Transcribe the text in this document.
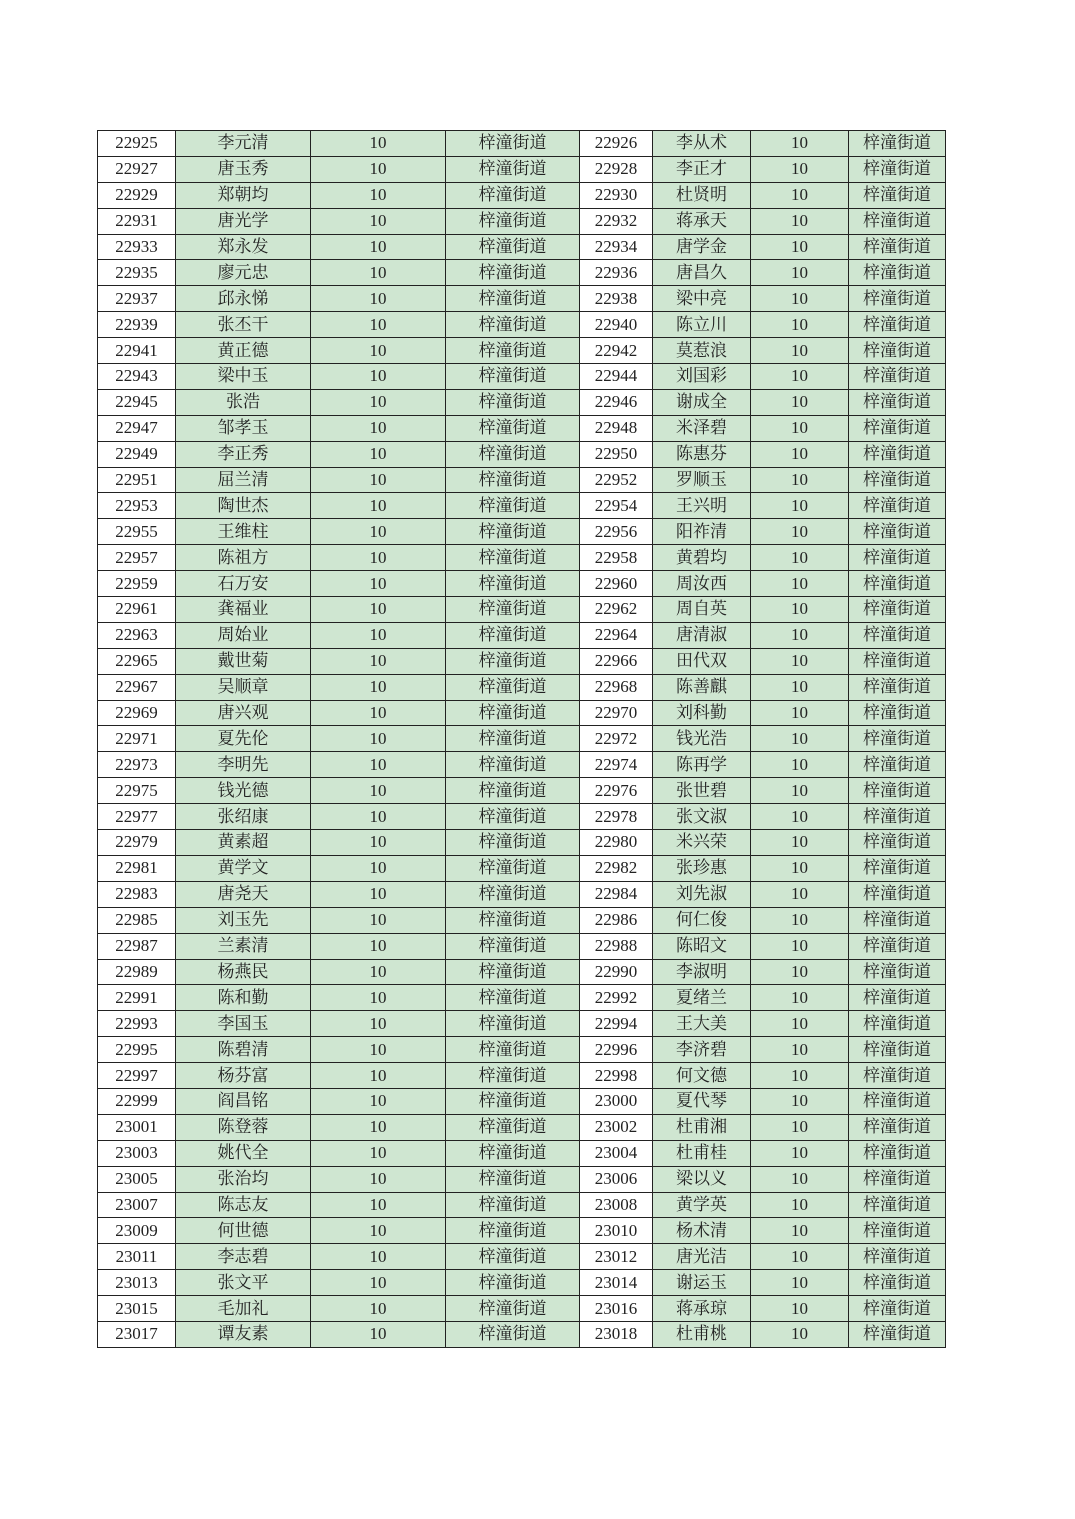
22925	李元清	10	梓潼街道	22926	李从术	10	梓潼街道
22927	唐玉秀	10	梓潼街道	22928	李正才	10	梓潼街道
22929	郑朝均	10	梓潼街道	22930	杜贤明	10	梓潼街道
22931	唐光学	10	梓潼街道	22932	蒋承天	10	梓潼街道
22933	郑永发	10	梓潼街道	22934	唐学金	10	梓潼街道
22935	廖元忠	10	梓潼街道	22936	唐昌久	10	梓潼街道
22937	邱永悌	10	梓潼街道	22938	梁中亮	10	梓潼街道
22939	张丕干	10	梓潼街道	22940	陈立川	10	梓潼街道
22941	黄正德	10	梓潼街道	22942	莫惹浪	10	梓潼街道
22943	梁中玉	10	梓潼街道	22944	刘国彩	10	梓潼街道
22945	张浩	10	梓潼街道	22946	谢成全	10	梓潼街道
22947	邹孝玉	10	梓潼街道	22948	米泽碧	10	梓潼街道
22949	李正秀	10	梓潼街道	22950	陈惠芬	10	梓潼街道
22951	屈兰清	10	梓潼街道	22952	罗顺玉	10	梓潼街道
22953	陶世杰	10	梓潼街道	22954	王兴明	10	梓潼街道
22955	王维柱	10	梓潼街道	22956	阳祚清	10	梓潼街道
22957	陈祖方	10	梓潼街道	22958	黄碧均	10	梓潼街道
22959	石万安	10	梓潼街道	22960	周汝西	10	梓潼街道
22961	龚福业	10	梓潼街道	22962	周自英	10	梓潼街道
22963	周始业	10	梓潼街道	22964	唐清淑	10	梓潼街道
22965	戴世菊	10	梓潼街道	22966	田代双	10	梓潼街道
22967	吴顺章	10	梓潼街道	22968	陈善麒	10	梓潼街道
22969	唐兴观	10	梓潼街道	22970	刘科勤	10	梓潼街道
22971	夏先伦	10	梓潼街道	22972	钱光浩	10	梓潼街道
22973	李明先	10	梓潼街道	22974	陈再学	10	梓潼街道
22975	钱光德	10	梓潼街道	22976	张世碧	10	梓潼街道
22977	张绍康	10	梓潼街道	22978	张文淑	10	梓潼街道
22979	黄素超	10	梓潼街道	22980	米兴荣	10	梓潼街道
22981	黄学文	10	梓潼街道	22982	张珍惠	10	梓潼街道
22983	唐尧天	10	梓潼街道	22984	刘先淑	10	梓潼街道
22985	刘玉先	10	梓潼街道	22986	何仁俊	10	梓潼街道
22987	兰素清	10	梓潼街道	22988	陈昭文	10	梓潼街道
22989	杨燕民	10	梓潼街道	22990	李淑明	10	梓潼街道
22991	陈和勤	10	梓潼街道	22992	夏绪兰	10	梓潼街道
22993	李国玉	10	梓潼街道	22994	王大美	10	梓潼街道
22995	陈碧清	10	梓潼街道	22996	李济碧	10	梓潼街道
22997	杨芬富	10	梓潼街道	22998	何文德	10	梓潼街道
22999	阎昌铭	10	梓潼街道	23000	夏代琴	10	梓潼街道
23001	陈登蓉	10	梓潼街道	23002	杜甫湘	10	梓潼街道
23003	姚代全	10	梓潼街道	23004	杜甫桂	10	梓潼街道
23005	张治均	10	梓潼街道	23006	梁以义	10	梓潼街道
23007	陈志友	10	梓潼街道	23008	黄学英	10	梓潼街道
23009	何世德	10	梓潼街道	23010	杨术清	10	梓潼街道
23011	李志碧	10	梓潼街道	23012	唐光洁	10	梓潼街道
23013	张文平	10	梓潼街道	23014	谢运玉	10	梓潼街道
23015	毛加礼	10	梓潼街道	23016	蒋承琼	10	梓潼街道
23017	谭友素	10	梓潼街道	23018	杜甫桃	10	梓潼街道
